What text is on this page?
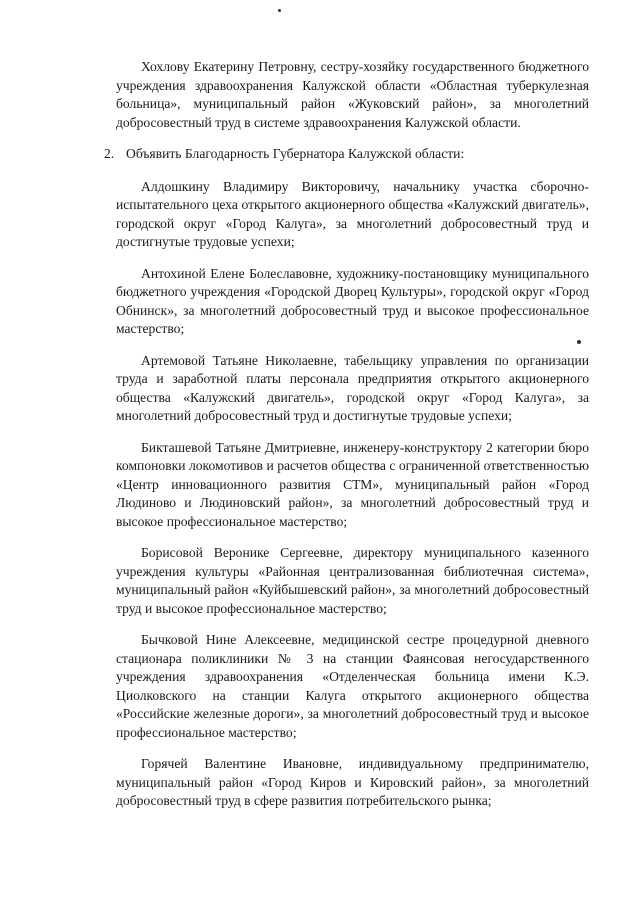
Хохлову Екатерину Петровну, сестру-хозяйку государственного бюджетного учреждения здравоохранения Калужской области «Областная туберкулезная больница», муниципальный район «Жуковский район», за многолетний добросовестный труд в системе здравоохранения Калужской области.

2. Объявить Благодарность Губернатора Калужской области:

Алдошкину Владимиру Викторовичу, начальнику участка сборочно-испытательного цеха открытого акционерного общества «Калужский двигатель», городской округ «Город Калуга», за многолетний добросовестный труд и достигнутые трудовые успехи;

Антохиной Елене Болеславовне, художнику-постановщику муниципального бюджетного учреждения «Городской Дворец Культуры», городской округ «Город Обнинск», за многолетний добросовестный труд и высокое профессиональное мастерство;

Артемовой Татьяне Николаевне, табельщику управления по организации труда и заработной платы персонала предприятия открытого акционерного общества «Калужский двигатель», городской округ «Город Калуга», за многолетний добросовестный труд и достигнутые трудовые успехи;

Бикташевой Татьяне Дмитриевне, инженеру-конструктору 2 категории бюро компоновки локомотивов и расчетов общества с ограниченной ответственностью «Центр инновационного развития СТМ», муниципальный район «Город Людиново и Людиновский район», за многолетний добросовестный труд и высокое профессиональное мастерство;

Борисовой Веронике Сергеевне, директору муниципального казенного учреждения культуры «Районная централизованная библиотечная система», муниципальный район «Куйбышевский район», за многолетний добросовестный труд и высокое профессиональное мастерство;

Бычковой Нине Алексеевне, медицинской сестре процедурной дневного стационара поликлиники № 3 на станции Фаянсовая негосударственного учреждения здравоохранения «Отделенческая больница имени К.Э. Циолковского на станции Калуга открытого акционерного общества «Российские железные дороги», за многолетний добросовестный труд и высокое профессиональное мастерство;

Горячей Валентине Ивановне, индивидуальному предпринимателю, муниципальный район «Город Киров и Кировский район», за многолетний добросовестный труд в сфере развития потребительского рынка;
